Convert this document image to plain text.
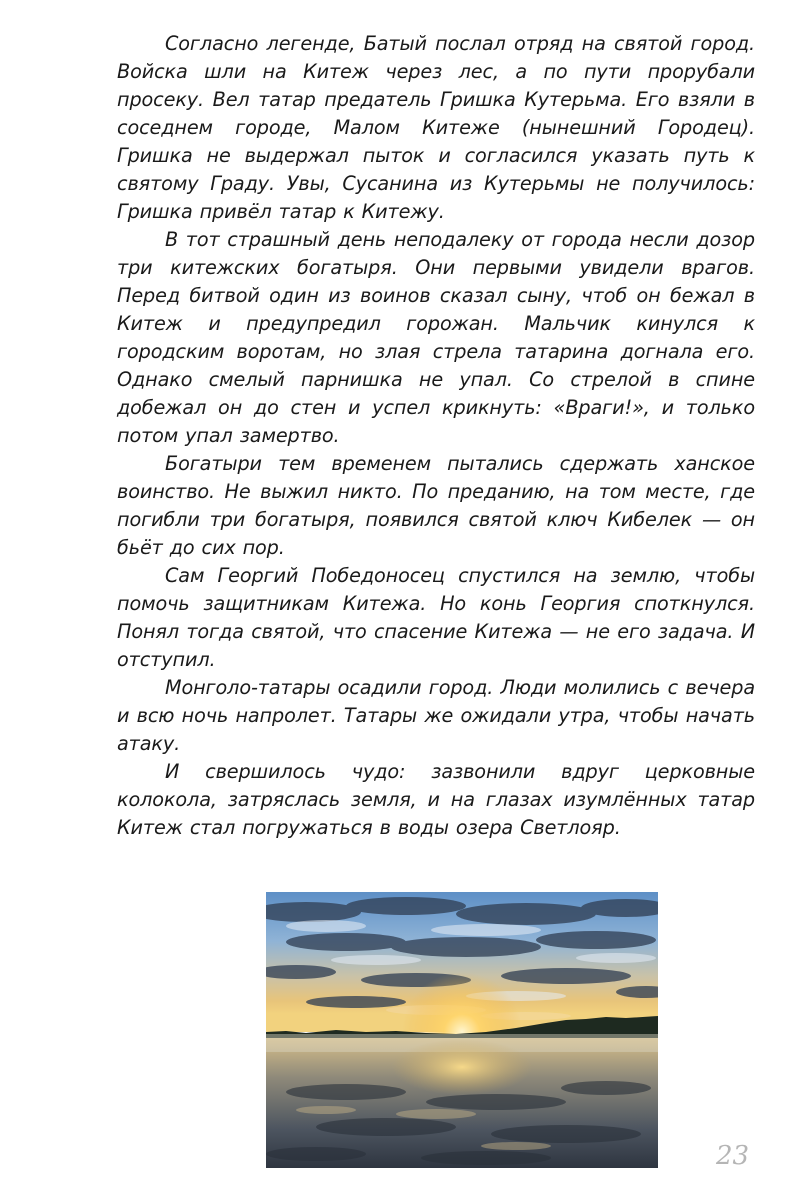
Согласно легенде, Батый послал отряд на святой город. Войска шли на Китеж через лес, а по пути прорубали просеку. Вел татар предатель Гришка Кутерьма. Его взяли в соседнем городе, Малом Китеже (нынешний Городец). Гришка не выдержал пыток и согласился указать путь к святому Граду. Увы, Сусанина из Кутерьмы не получилось: Гришка привёл татар к Китежу.

В тот страшный день неподалеку от города несли дозор три китежских богатыря. Они первыми увидели врагов. Перед битвой один из воинов сказал сыну, чтоб он бежал в Китеж и предупредил горожан. Мальчик кинулся к городским воротам, но злая стрела татарина догнала его. Однако смелый парнишка не упал. Со стрелой в спине добежал он до стен и успел крикнуть: «Враги!», и только потом упал замертво.

Богатыри тем временем пытались сдержать ханское воинство. Не выжил никто. По преданию, на том месте, где погибли три богатыря, появился святой ключ Кибелек — он бьёт до сих пор.

Сам Георгий Победоносец спустился на землю, чтобы помочь защитникам Китежа. Но конь Георгия споткнулся. Понял тогда святой, что спасение Китежа — не его задача. И отступил.

Монголо-татары осадили город. Люди молились с вечера и всю ночь напролет. Татары же ожидали утра, чтобы начать атаку.

И свершилось чудо: зазвонили вдруг церковные колокола, затряслась земля, и на глазах изумлённых татар Китеж стал погружаться в воды озера Светлояр.

23
